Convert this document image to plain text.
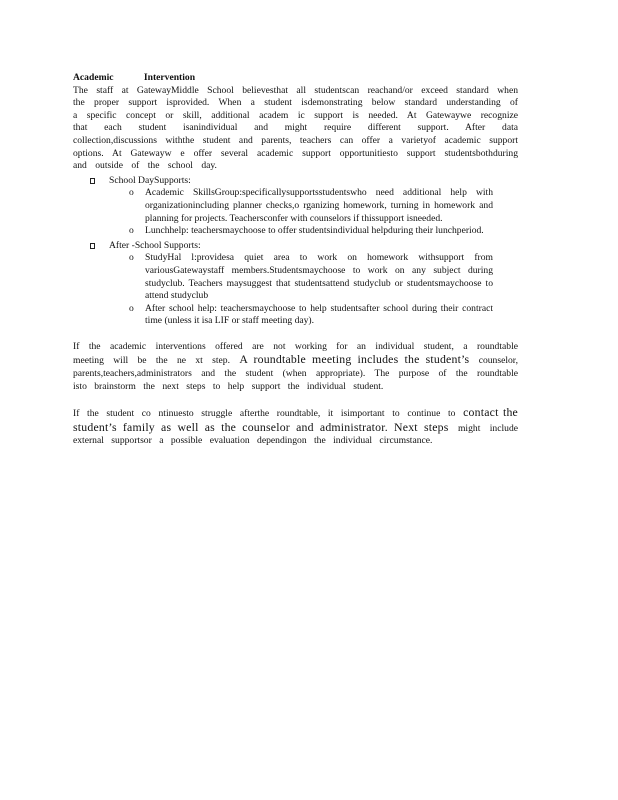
Academic Intervention

The staff at GatewayMiddle School believesthat all studentscan reachand/or exceed standard when the proper support isprovided. When a student isdemonstrating below standard understanding of a specific concept or skill, additional academ ic support is needed. At Gatewaywe recognize that each student isanindividual and might require different support. After data collection,discussions withthe student and parents, teachers can offer a varietyof academic support options. At Gatewayw e offer several academic support opportunitiesto support studentsbothduring and outside of the school day.

School DaySupports:
o Academic SkillsGroup:specificallysupportsstudentswho need additional help with organizationincluding planner checks,o rganizing homework, turning in homework and planning for projects. Teachersconfer with counselors if thissupport isneeded.
o Lunchhelp: teachersmaychoose to offer studentsindividual helpduring their lunchperiod.
After -School Supports:
o StudyHal l:providesa quiet area to work on homework withsupport from variousGatewaystaff members.Studentsmaychoose to work on any subject during studyclub. Teachers maysuggest that studentsattend studyclub or studentsmaychoose to attend studyclub
o After school help: teachersmaychoose to help studentsafter school during their contract time (unless it isa LIF or staff meeting day).

If the academic interventions offered are not working for an individual student, a roundtable meeting will be the ne xt step. A roundtable meeting includes the student’s counselor, parents,teachers,administrators and the student (when appropriate). The purpose of the roundtable isto brainstorm the next steps to help support the individual student.

If the student co ntinuesto struggle afterthe roundtable, it isimportant to continue to contact the student’s family as well as the counselor and administrator. Next steps might include external supportsor a possible evaluation dependingon the individual circumstance.
